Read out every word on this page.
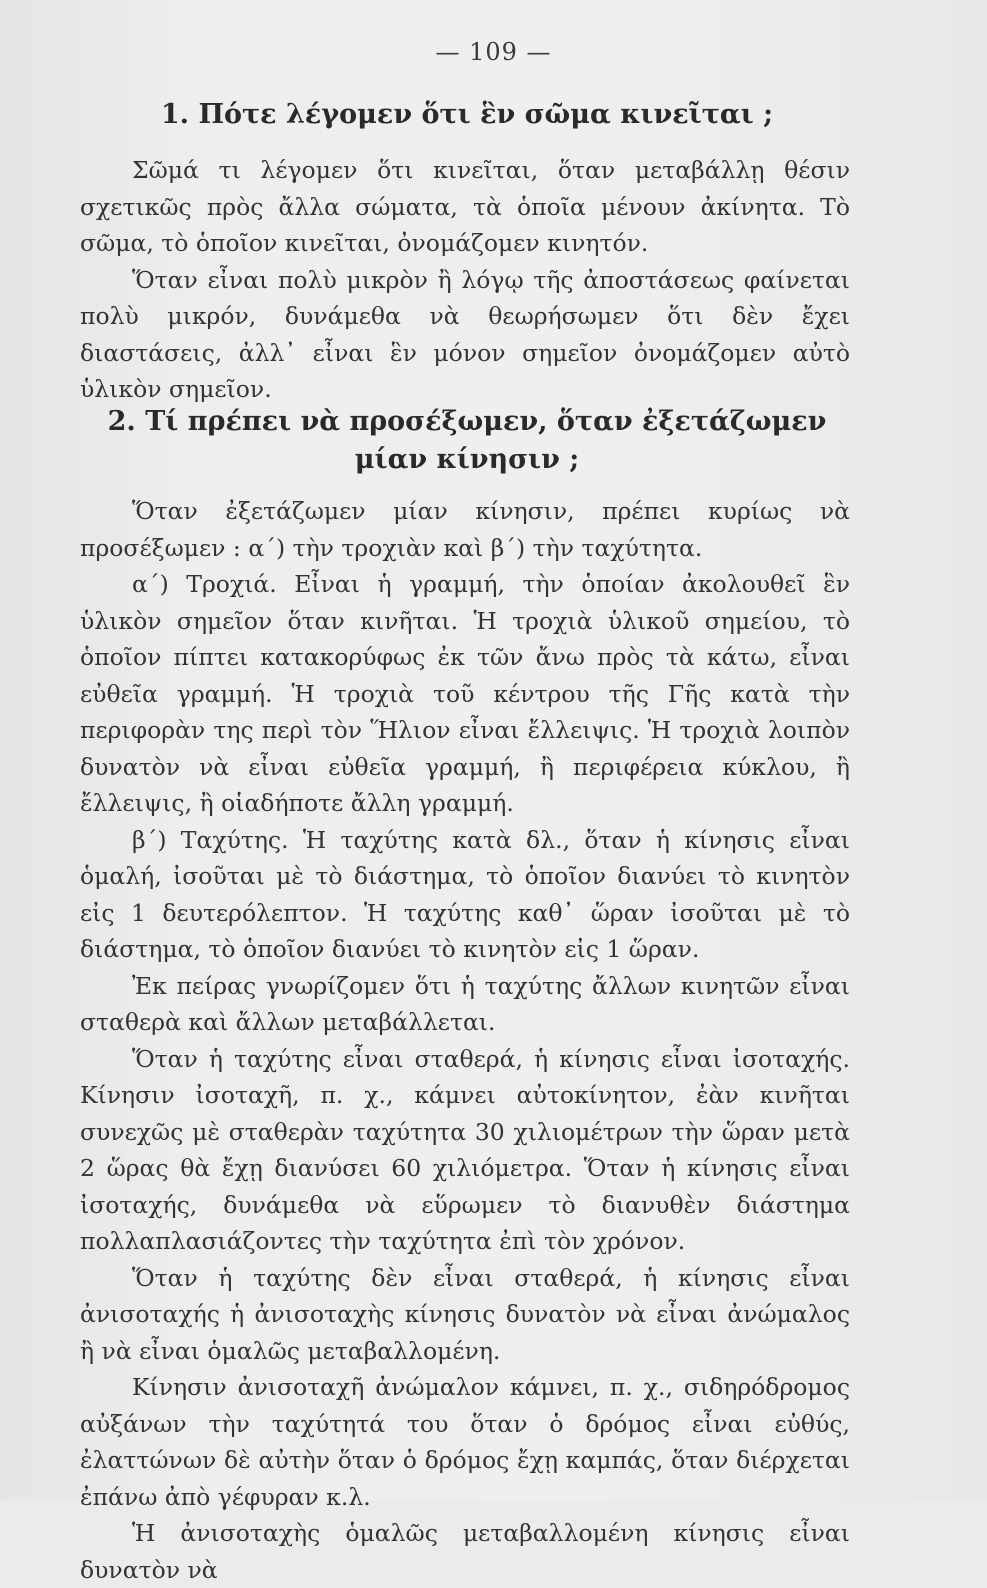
— 109 —
1. Πότε λέγομεν ὅτι ἓν σῶμα κινεῖται ;

Σῶμά τι λέγομεν ὅτι κινεῖται, ὅταν μεταβάλλῃ θέσιν σχετικῶς πρὸς ἄλλα σώματα, τὰ ὁποῖα μένουν ἀκίνητα. Τὸ σῶμα, τὸ ὁποῖον κινεῖται, ὀνομάζομεν κινητόν.

Ὅταν εἶναι πολὺ μικρὸν ἢ λόγῳ τῆς ἀποστάσεως φαίνεται πολὺ μικρόν, δυνάμεθα νὰ θεωρήσωμεν ὅτι δὲν ἔχει διαστάσεις, ἀλλ᾽ εἶναι ἓν μόνον σημεῖον ὀνομάζομεν αὐτὸ ὑλικὸν σημεῖον.

2. Τί πρέπει νὰ προσέξωμεν, ὅταν ἐξετάζωμεν μίαν κίνησιν ;

Ὅταν ἐξετάζωμεν μίαν κίνησιν, πρέπει κυρίως νὰ προσέξωμεν : α΄) τὴν τροχιὰν καὶ β΄) τὴν ταχύτητα.

α΄) Τροχιά. Εἶναι ἡ γραμμή, τὴν ὁποίαν ἀκολουθεῖ ἓν ὑλικὸν σημεῖον ὅταν κινῆται. Ἡ τροχιὰ ὑλικοῦ σημείου, τὸ ὁποῖον πίπτει κατακορύφως ἐκ τῶν ἄνω πρὸς τὰ κάτω, εἶναι εὐθεῖα γραμμή. Ἡ τροχιὰ τοῦ κέντρου τῆς Γῆς κατὰ τὴν περιφορὰν της περὶ τὸν Ἥλιον εἶναι ἔλλειψις. Ἡ τροχιὰ λοιπὸν δυνατὸν νὰ εἶναι εὐθεῖα γραμμή, ἢ περιφέρεια κύκλου, ἢ ἔλλειψις, ἢ οἱαδήποτε ἄλλη γραμμή.

β΄) Ταχύτης. Ἡ ταχύτης κατὰ δλ., ὅταν ἡ κίνησις εἶναι ὁμαλή, ἰσοῦται μὲ τὸ διάστημα, τὸ ὁποῖον διανύει τὸ κινητὸν εἰς 1 δευτερόλεπτον. Ἡ ταχύτης καθ᾽ ὥραν ἰσοῦται μὲ τὸ διάστημα, τὸ ὁποῖον διανύει τὸ κινητὸν εἰς 1 ὥραν.

Ἐκ πείρας γνωρίζομεν ὅτι ἡ ταχύτης ἄλλων κινητῶν εἶναι σταθερὰ καὶ ἄλλων μεταβάλλεται.

Ὅταν ἡ ταχύτης εἶναι σταθερά, ἡ κίνησις εἶναι ἰσοταχής. Κίνησιν ἰσοταχῆ, π. χ., κάμνει αὐτοκίνητον, ἐὰν κινῆται συνεχῶς μὲ σταθερὰν ταχύτητα 30 χιλιομέτρων τὴν ὥραν μετὰ 2 ὥρας θὰ ἔχῃ διανύσει 60 χιλιόμετρα. Ὅταν ἡ κίνησις εἶναι ἰσοταχής, δυνάμεθα νὰ εὕρωμεν τὸ διανυθὲν διάστημα πολλαπλασιάζοντες τὴν ταχύτητα ἐπὶ τὸν χρόνον.

Ὅταν ἡ ταχύτης δὲν εἶναι σταθερά, ἡ κίνησις εἶναι ἀνισοταχής ἡ ἀνισοταχὴς κίνησις δυνατὸν νὰ εἶναι ἀνώμαλος ἢ νὰ εἶναι ὁμαλῶς μεταβαλλομένη.

Κίνησιν ἀνισοταχῆ ἀνώμαλον κάμνει, π. χ., σιδηρόδρομος αὐξάνων τὴν ταχύτητά του ὅταν ὁ δρόμος εἶναι εὐθύς, ἐλαττώνων δὲ αὐτὴν ὅταν ὁ δρόμος ἔχῃ καμπάς, ὅταν διέρχεται ἐπάνω ἀπὸ γέφυραν κ.λ.

Ἡ ἀνισοταχὴς ὁμαλῶς μεταβαλλομένη κίνησις εἶναι δυνατὸν νὰ
